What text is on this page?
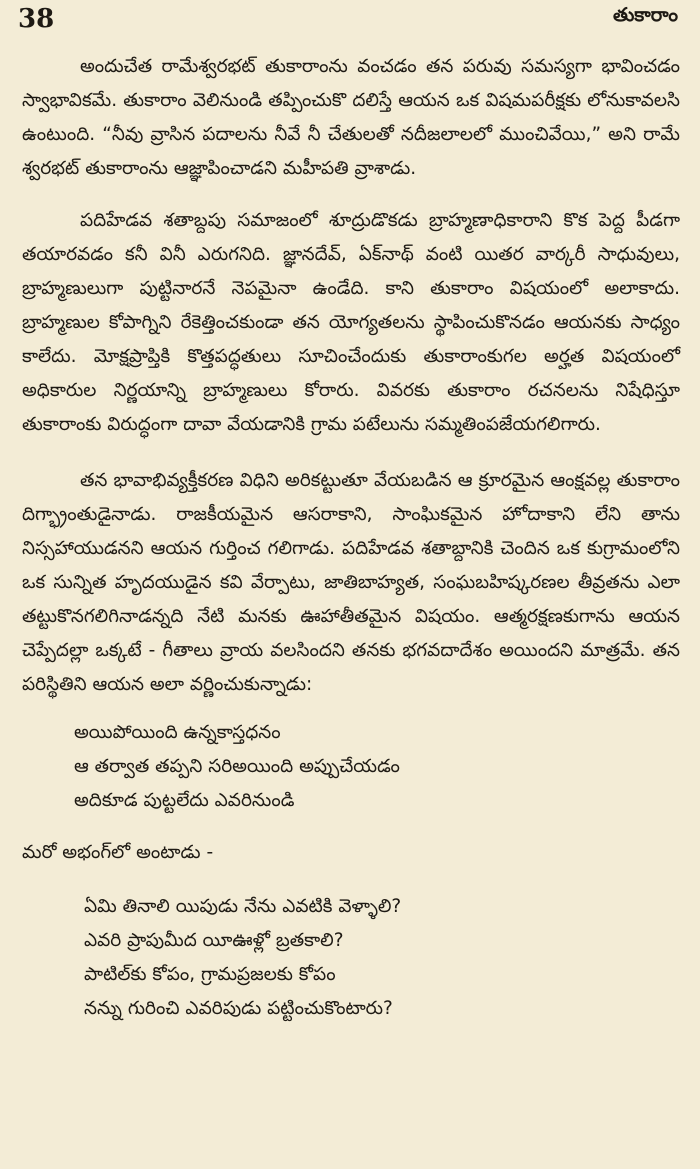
38	తుకారాం

అందుచేత రామేశ్వరభట్ తుకారాంను వంచడం తన పరువు సమస్యగా భావించడం స్వాభావికమే. తుకారాం వెలినుండి తప్పించుకొ దలిస్తే ఆయన ఒక విషమపరీక్షకు లోనుకావలసి ఉంటుంది. “నీవు వ్రాసిన పదాలను నీవే నీ చేతులతో నదీజలాలలో ముంచివేయి,” అని రామే శ్వరభట్ తుకారాంను ఆజ్ఞాపించాడని మహీపతి వ్రాశాడు.

పదిహేడవ శతాబ్దపు సమాజంలో శూద్రుడొకడు బ్రాహ్మణాధికారాని కొక పెద్ద పీడగా తయారవడం కనీ వినీ ఎరుగనిది. జ్ఞానదేవ్, ఏక్‌నాథ్ వంటి యితర వార్కరీ సాధువులు, బ్రాహ్మణులుగా పుట్టినారనే నెపమైనా ఉండేది. కాని తుకారాం విషయంలో అలాకాదు. బ్రాహ్మణుల కోపాగ్నిని రేకెత్తించకుండా తన యోగ్యతలను స్థాపించుకొనడం ఆయనకు సాధ్యం కాలేదు. మోక్షప్రాప్తికి కొత్తపద్ధతులు సూచించేందుకు తుకారాంకుగల అర్హత విషయంలో అధికారుల నిర్ణయాన్ని బ్రాహ్మణులు కోరారు. వివరకు తుకారాం రచనలను నిషేధిస్తూ తుకారాంకు విరుద్ధంగా దావా వేయడానికి గ్రామ పటేలును సమ్మతింపజేయగలిగారు.

తన భావాభివ్యక్తీకరణ విధిని అరికట్టుతూ వేయబడిన ఆ క్రూరమైన ఆంక్షవల్ల తుకారాం దిగ్భ్రాంతుడైనాడు. రాజకీయమైన ఆసరాకాని, సాంఘికమైన హోదాకాని లేని తాను నిస్సహాయుడనని ఆయన గుర్తించ గలిగాడు. పదిహేడవ శతాబ్దానికి చెందిన ఒక కుగ్రామంలోని ఒక సున్నిత హృదయుడైన కవి వేర్పాటు, జాతిబాహ్యత, సంఘబహిష్కరణల తీవ్రతను ఎలా తట్టుకొనగలిగినాడన్నది నేటి మనకు ఊహాతీతమైన విషయం. ఆత్మరక్షణకుగాను ఆయన చెప్పేదల్లా ఒక్కటే - గీతాలు వ్రాయ వలసిందని తనకు భగవదాదేశం అయిందని మాత్రమే. తన పరిస్థితిని ఆయన అలా వర్ణించుకున్నాడు:

అయిపోయింది ఉన్నకాస్తధనం
ఆ తర్వాత తప్పని సరిఅయింది అప్పుచేయడం
అదికూడ పుట్టలేదు ఎవరినుండి
మరో అభంగ్‌లో అంటాడు -
ఏమి తినాలి యిపుడు నేను ఎవటికి వెళ్ళాలి?
ఎవరి ప్రాపుమీద యీఊళ్లో బ్రతకాలి?
పాటిల్‌కు కోపం, గ్రామప్రజలకు కోపం
నన్ను గురించి ఎవరిపుడు పట్టించుకొంటారు?
